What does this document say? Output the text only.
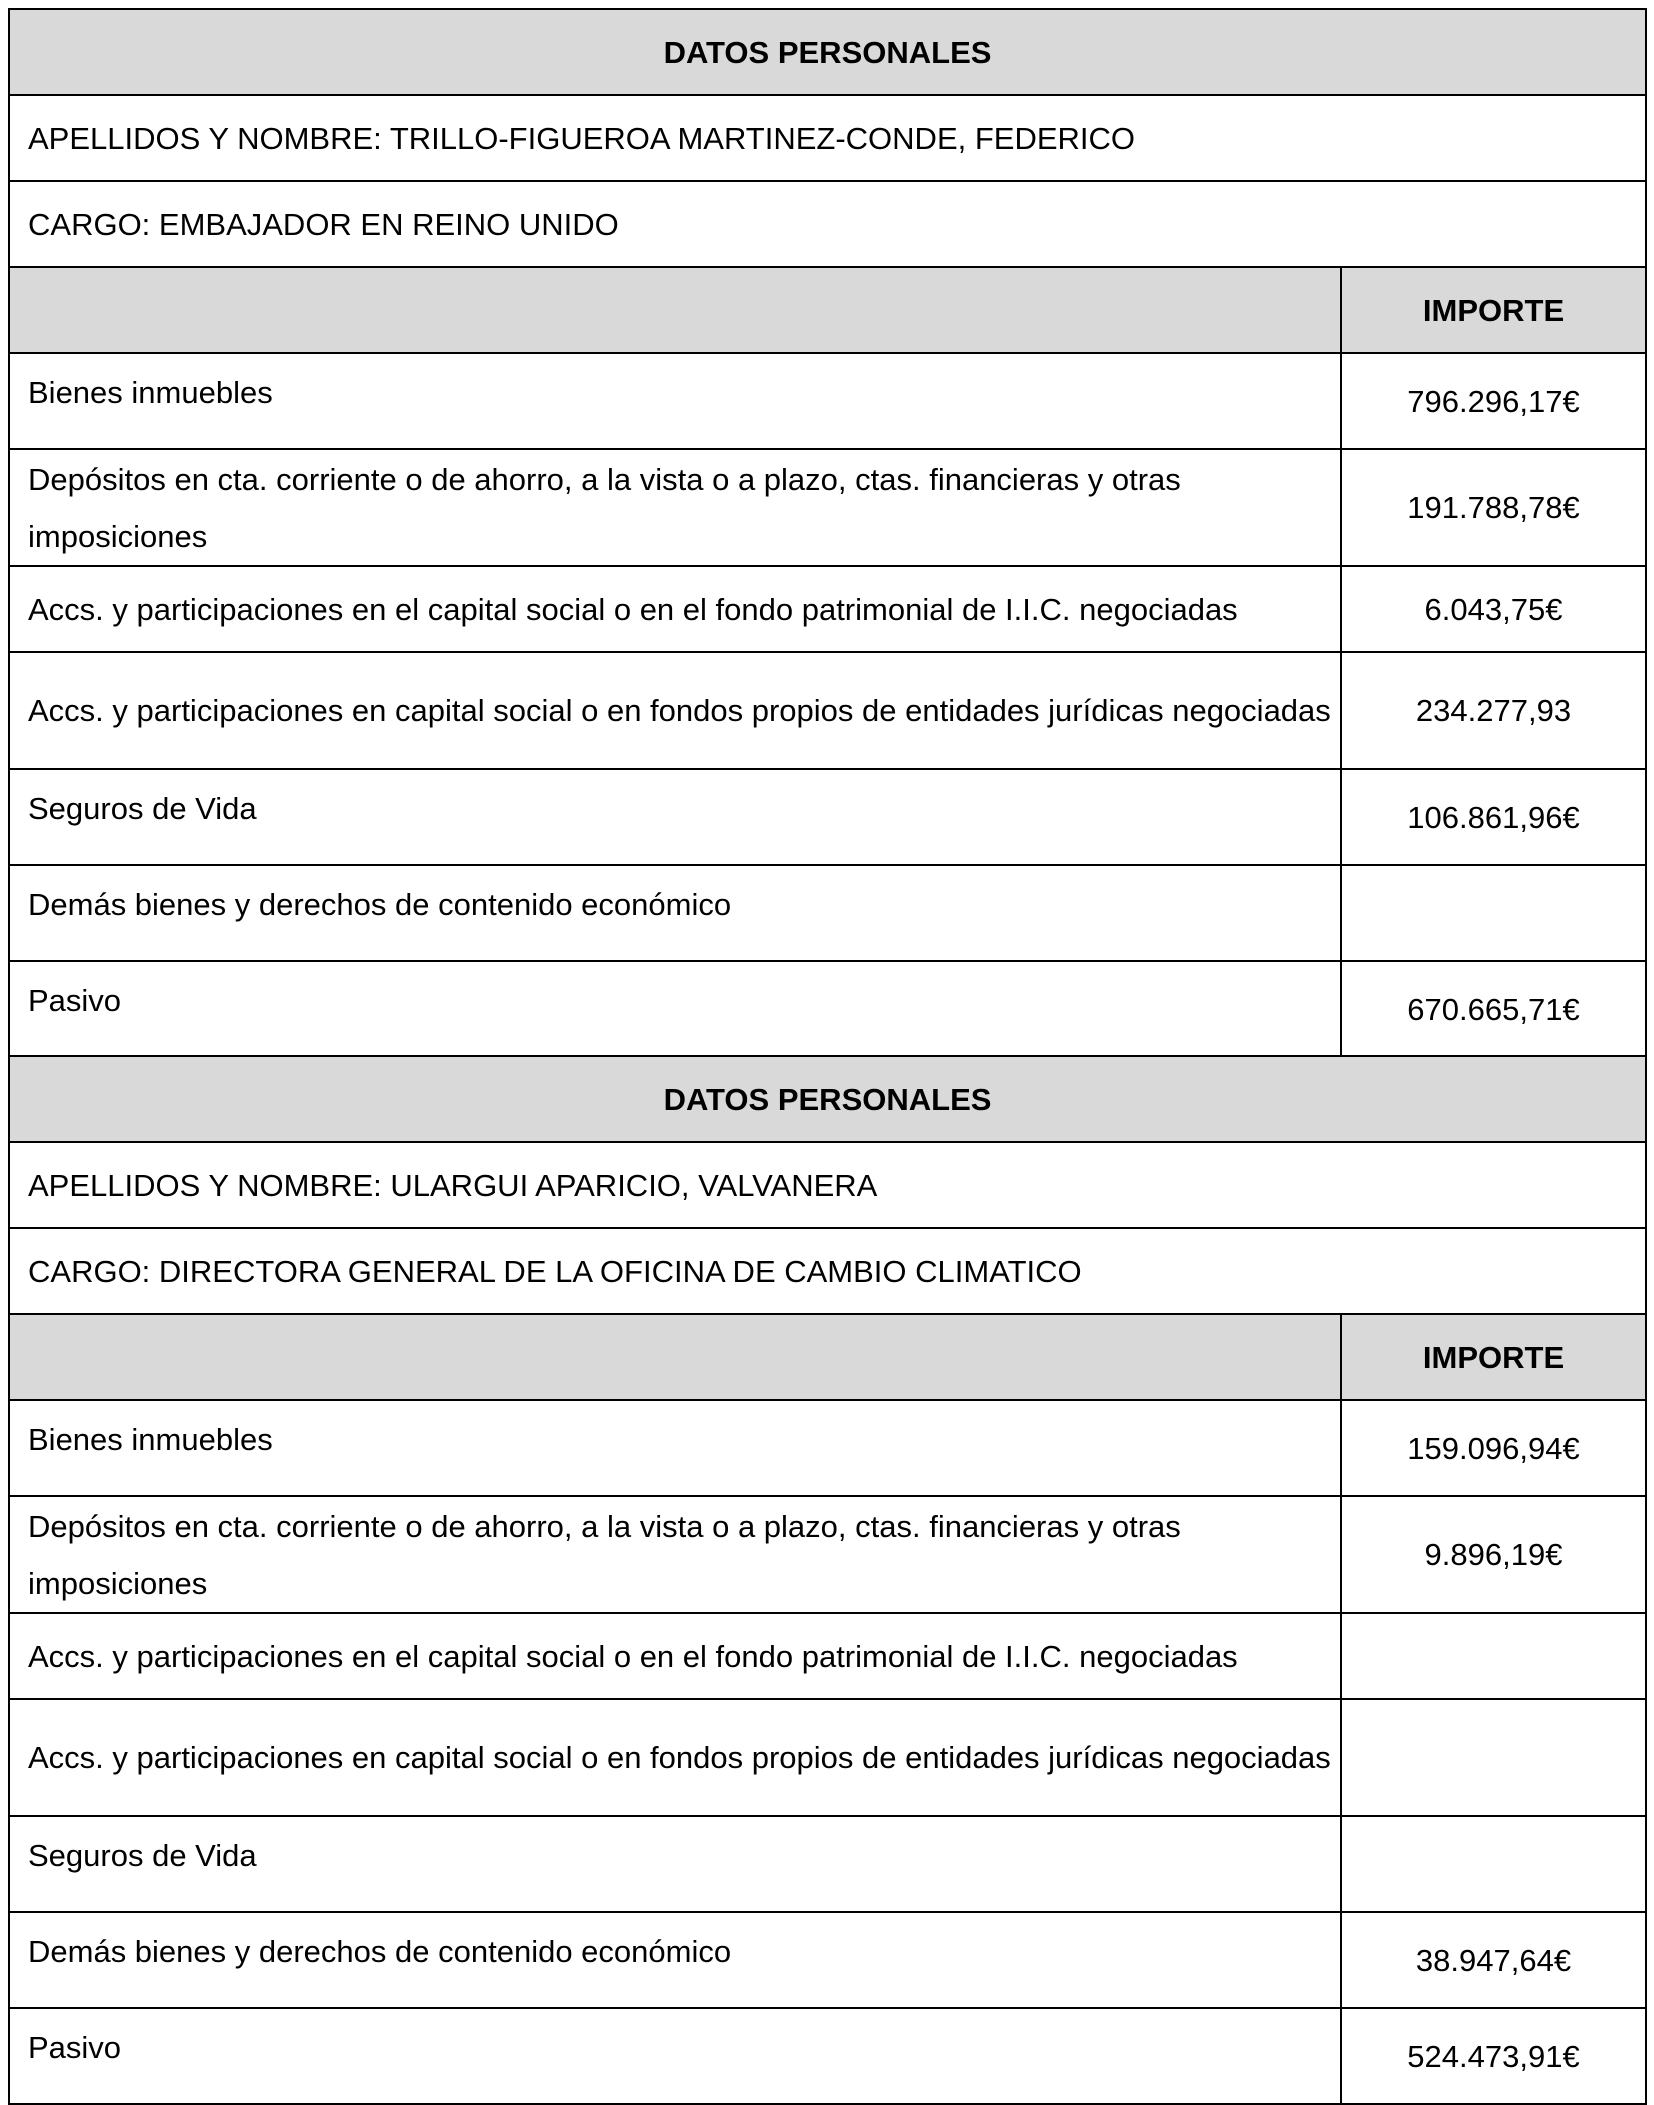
DATOS PERSONALES	
APELLIDOS Y NOMBRE: TRILLO-FIGUEROA MARTINEZ-CONDE, FEDERICO	
CARGO: EMBAJADOR EN REINO UNIDO	
	IMPORTE
Bienes inmuebles	796.296,17€
Depósitos en cta. corriente o de ahorro, a la vista o a plazo, ctas. financieras y otras imposiciones	191.788,78€
Accs. y participaciones en el capital social o en el fondo patrimonial de I.I.C. negociadas	6.043,75€
Accs. y participaciones en capital social o en fondos propios de entidades jurídicas negociadas	234.277,93
Seguros de Vida	106.861,96€
Demás bienes y derechos de contenido económico	
Pasivo	670.665,71€
DATOS PERSONALES	
APELLIDOS Y NOMBRE: ULARGUI APARICIO, VALVANERA	
CARGO: DIRECTORA GENERAL DE LA OFICINA DE CAMBIO CLIMATICO	
	IMPORTE
Bienes inmuebles	159.096,94€
Depósitos en cta. corriente o de ahorro, a la vista o a plazo, ctas. financieras y otras imposiciones	9.896,19€
Accs. y participaciones en el capital social o en el fondo patrimonial de I.I.C. negociadas	
Accs. y participaciones en capital social o en fondos propios de entidades jurídicas negociadas	
Seguros de Vida	
Demás bienes y derechos de contenido económico	38.947,64€
Pasivo	524.473,91€
